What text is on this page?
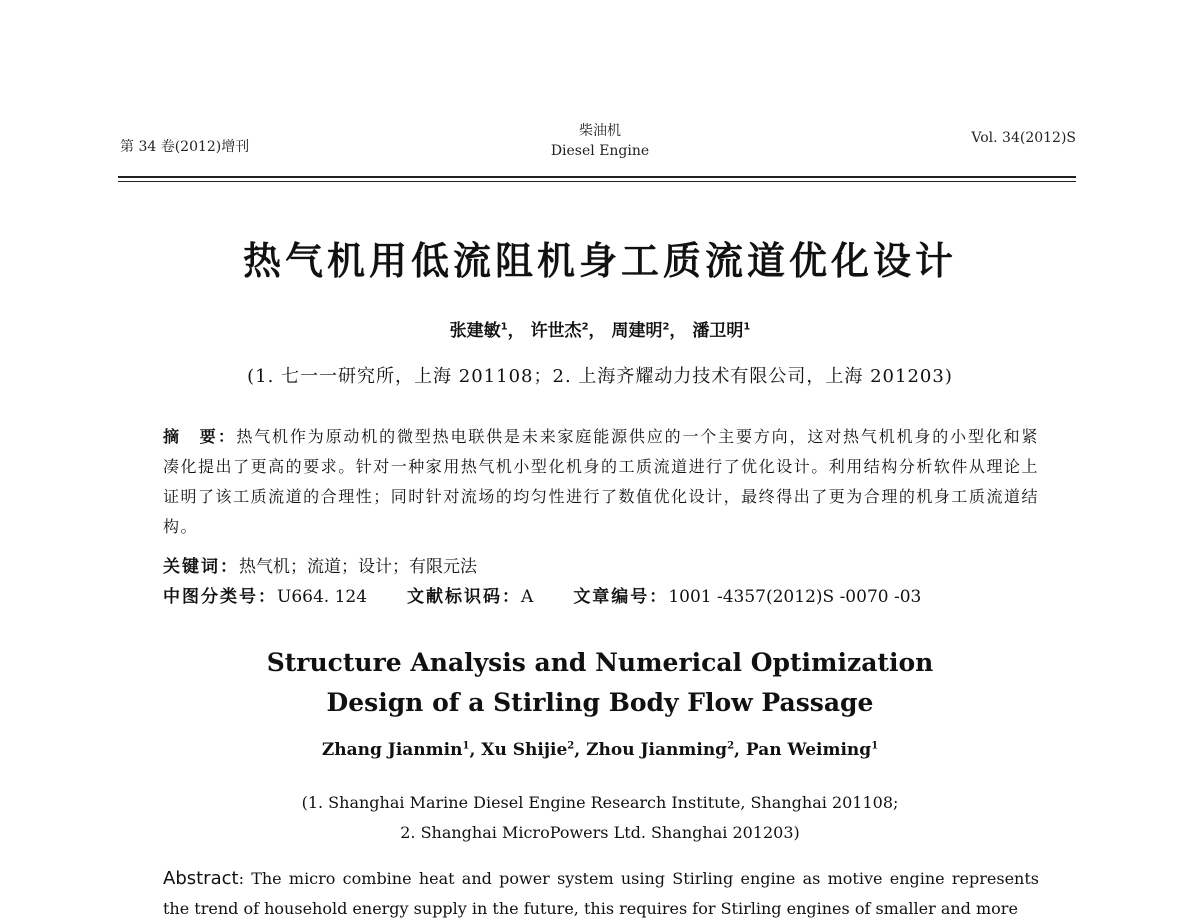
第 34 卷(2012)增刊
柴油机
Diesel Engine
Vol. 34(2012)S
热气机用低流阻机身工质流道优化设计
张建敏$^1$， 许世杰$^2$， 周建明$^2$， 潘卫明$^1$
(1. 七一一研究所，上海 201108；2. 上海齐耀动力技术有限公司，上海 201203)
摘　要：热气机作为原动机的微型热电联供是未来家庭能源供应的一个主要方向，这对热气机机身的小型化和紧凑化提出了更高的要求。针对一种家用热气机小型化机身的工质流道进行了优化设计。利用结构分析软件从理论上证明了该工质流道的合理性；同时针对流场的均匀性进行了数值优化设计，最终得出了更为合理的机身工质流道结构。
关键词：热气机；流道；设计；有限元法
中图分类号：U664. 124 文献标识码：A 文章编号：1001 -4357(2012)S -0070 -03
Structure Analysis and Numerical Optimization
Design of a Stirling Body Flow Passage
Zhang Jianmin$^1$, Xu Shijie$^2$, Zhou Jianming$^2$, Pan Weiming$^1$
(1. Shanghai Marine Diesel Engine Research Institute, Shanghai 201108;
2. Shanghai MicroPowers Ltd. Shanghai 201203)
Abstract: The micro combine heat and power system using Stirling engine as motive engine represents the trend of household energy supply in the future, this requires for Stirling engines of smaller and more
